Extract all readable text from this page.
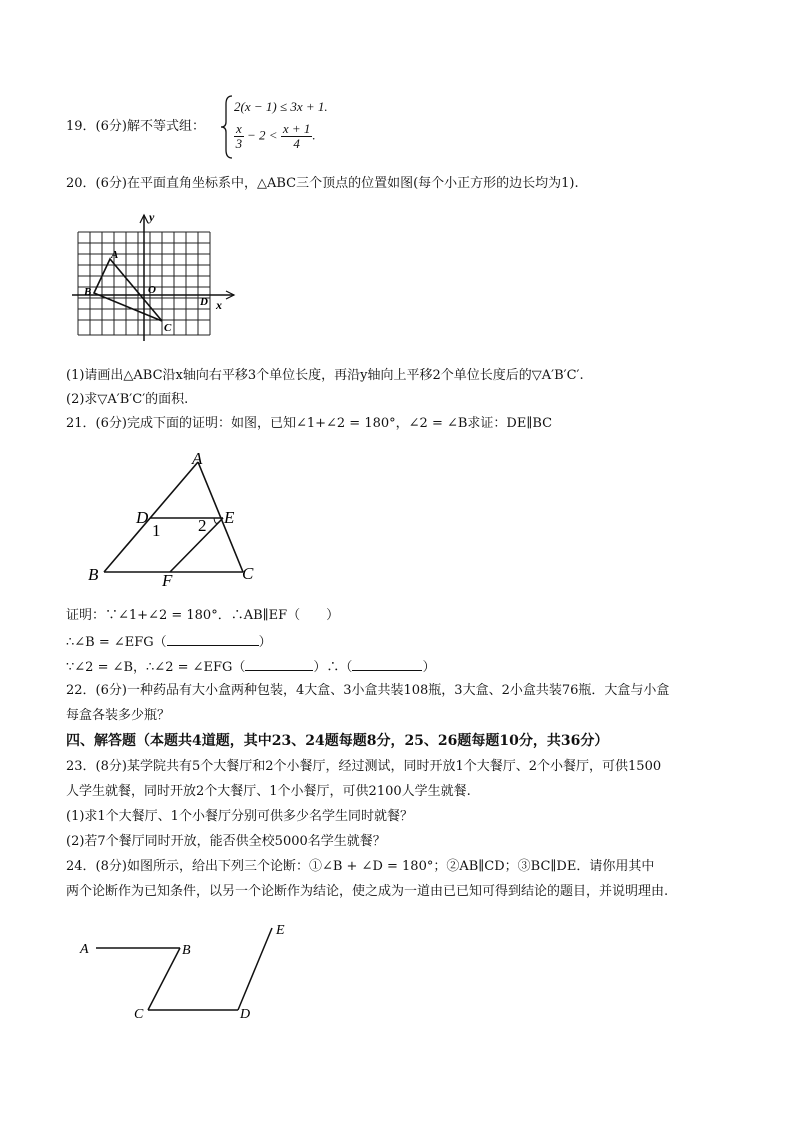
19．(6分)解不等式组：
2(x − 1) ≤ 3x + 1.
$\frac{x}{3} - 2 < \frac{x + 1}{4}$ .
20．(6分)在平面直角坐标系中，△ABC三个顶点的位置如图(每个小正方形的边长均为1).
y
x
A
B
C
D
O
(1)请画出△ABC沿x轴向右平移3个单位长度，再沿y轴向上平移2个单位长度后的▽A′B′C′.
(2)求▽A′B′C′的面积.
21．(6分)完成下面的证明：如图，已知∠1+∠2 = 180°，∠2 = ∠B求证：DE∥BC
A
B	C
D	E
F
1 2
证明：∵∠1+∠2 = 180°．∴AB∥EF（　　）
∴∠B = ∠EFG（	）
∵∠2 = ∠B，∴∠2 = ∠EFG（	）∴（	）
22．(6分)一种药品有大小盒两种包装，4大盒、3小盒共装108瓶，3大盒、2小盒共装76瓶．大盒与小盒
每盒各装多少瓶？
四、解答题（本题共4道题，其中23、24题每题8分，25、26题每题10分，共36分）
23．(8分)某学院共有5个大餐厅和2个小餐厅，经过测试，同时开放1个大餐厅、2个小餐厅，可供1500
人学生就餐，同时开放2个大餐厅、1个小餐厅，可供2100人学生就餐.
(1)求1个大餐厅、1个小餐厅分别可供多少名学生同时就餐？
(2)若7个餐厅同时开放，能否供全校5000名学生就餐？
24．(8分)如图所示，给出下列三个论断：①∠B + ∠D = 180°；②AB∥CD；③BC∥DE．请你用其中
两个论断作为已知条件，以另一个论断作为结论，使之成为一道由已已知可得到结论的题目，并说明理由.
A	B
C	D
E
